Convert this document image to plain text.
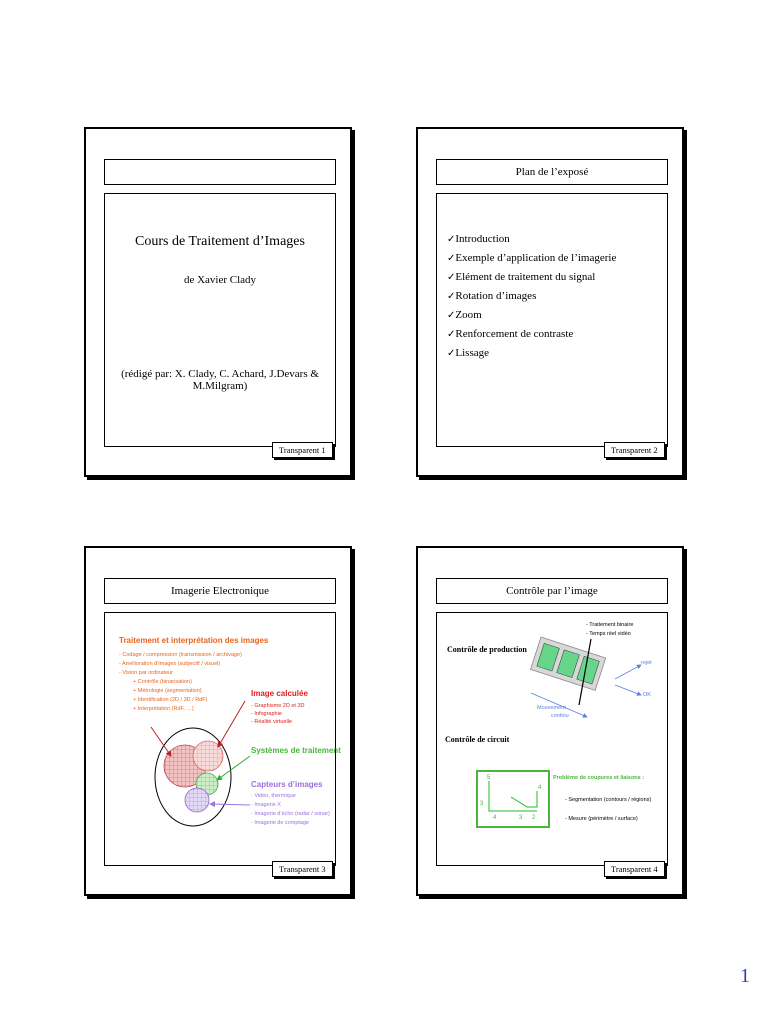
Cours de Traitement d’Images
de Xavier Clady
(rédigé par: X. Clady, C. Achard, J.Devars & M.Milgram)
Transparent 1
Plan de l’exposé
✓Introduction
✓Exemple d’application de l’imagerie
✓Elément de traitement du signal
✓Rotation d’images
✓Zoom
✓Renforcement de contraste
✓Lissage
Transparent 2
Imagerie Electronique
Traitement et interprétation des images
- Codage / compression (transmission / archivage)
- Amélioration d’images (subjectif / visuel)
- Vision par ordinateur
+ Contrôle (binarisation)
+ Métrologie (segmentation)
+ Identification (2D / 3D / RdF)
+ Interprétation (RdF, …)
Image calculée
- Graphisme 2D et 3D
- Infographie
- Réalité virtuelle
Systèmes de traitement
Capteurs d’images
- Vidéo, thermique
- Imagerie X
- Imagerie d’écho (radar / sonar)
- Imagerie de comptage
Transparent 3
Contrôle par l’image
Contrôle de production
- Traitement binaire
- Temps réel vidéo
rejet
OK
Mouvement
continu
Contrôle de circuit
Problème de coupures et liaisons :
- Segmentation (contours / régions)
- Mesure (périmètre / surface)
5
4
3
4	3 2
Transparent 4
1
